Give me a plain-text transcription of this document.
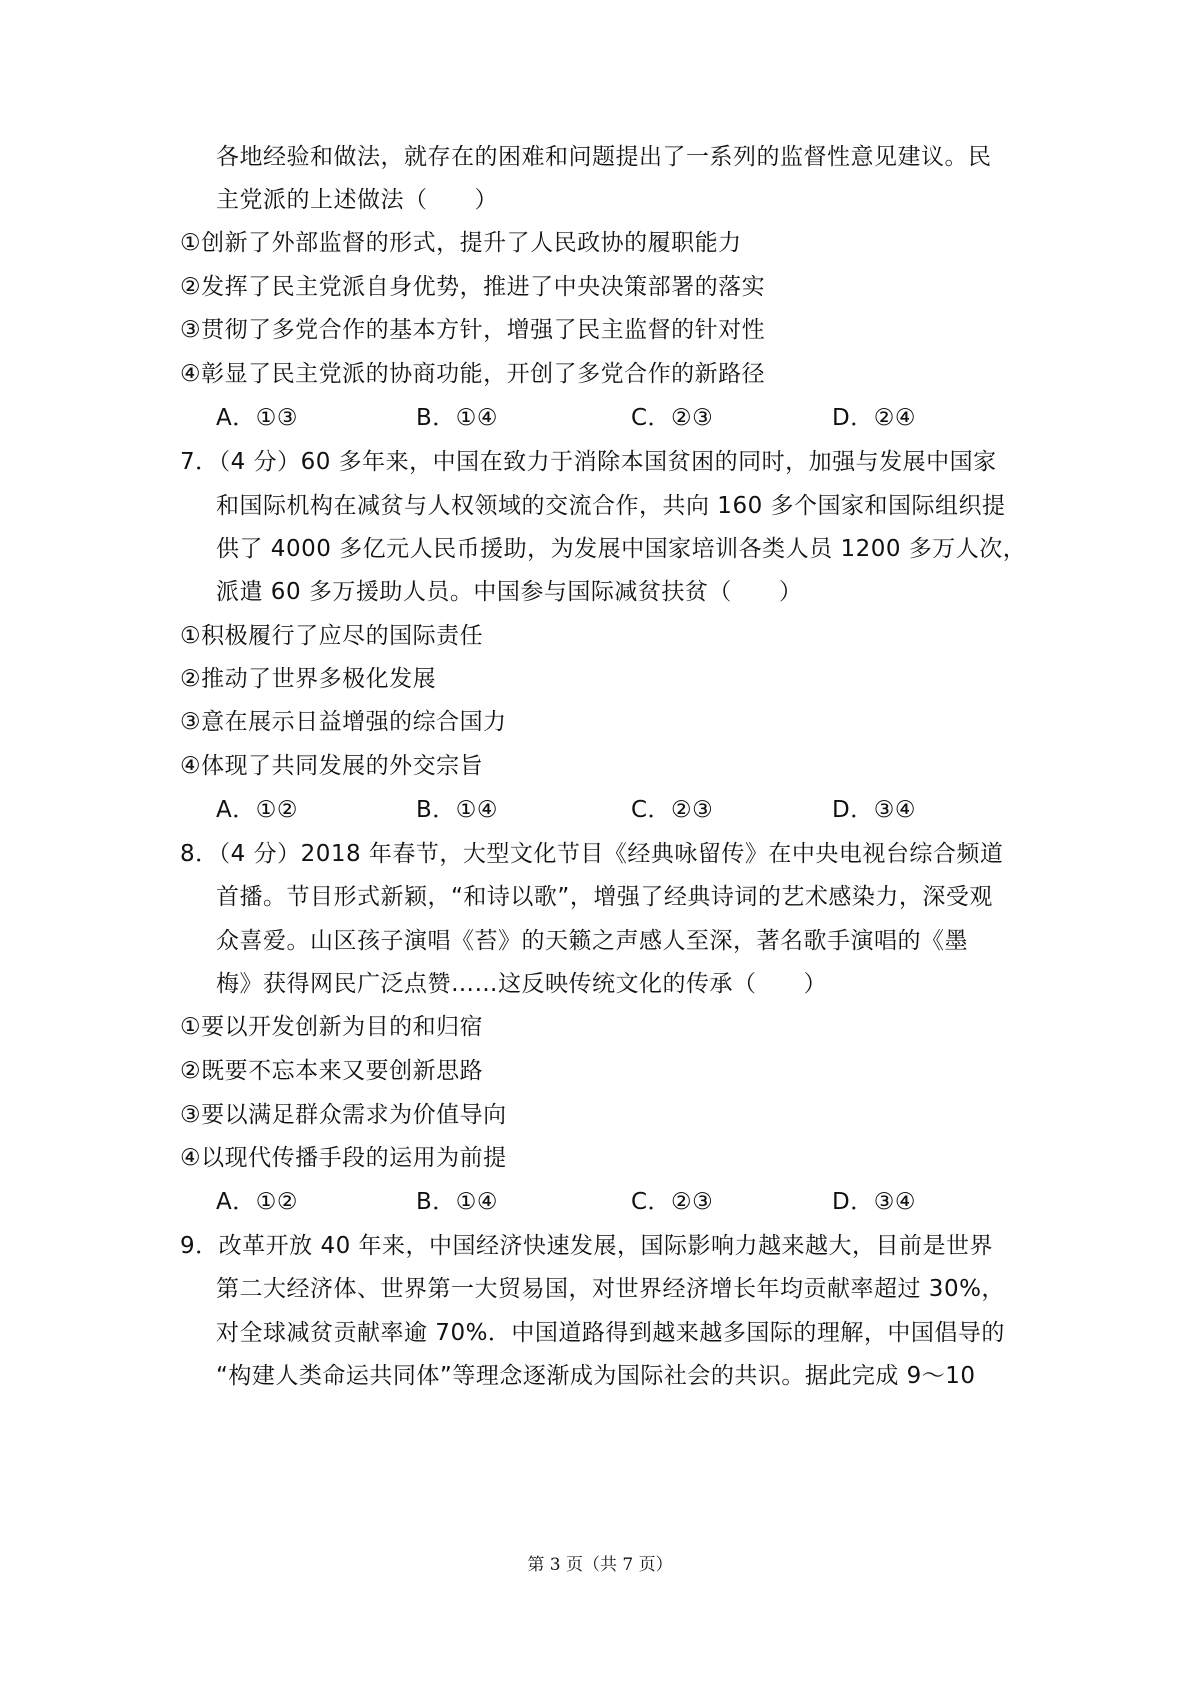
各地经验和做法，就存在的困难和问题提出了一系列的监督性意见建议。民
主党派的上述做法（　　）
①创新了外部监督的形式，提升了人民政协的履职能力
②发挥了民主党派自身优势，推进了中央决策部署的落实
③贯彻了多党合作的基本方针，增强了民主监督的针对性
④彰显了民主党派的协商功能，开创了多党合作的新路径
A．①③	B．①④	C．②③	D．②④
7．（4 分）60 多年来，中国在致力于消除本国贫困的同时，加强与发展中国家
和国际机构在减贫与人权领域的交流合作，共向 160 多个国家和国际组织提
供了 4000 多亿元人民币援助，为发展中国家培训各类人员 1200 多万人次，
派遣 60 多万援助人员。中国参与国际减贫扶贫（　　）
①积极履行了应尽的国际责任
②推动了世界多极化发展
③意在展示日益增强的综合国力
④体现了共同发展的外交宗旨
A．①②	B．①④	C．②③	D．③④
8．（4 分）2018 年春节，大型文化节目《经典咏留传》在中央电视台综合频道
首播。节目形式新颖，“和诗以歌”，增强了经典诗词的艺术感染力，深受观
众喜爱。山区孩子演唱《苔》的天籁之声感人至深，著名歌手演唱的《墨
梅》获得网民广泛点赞……这反映传统文化的传承（　　）
①要以开发创新为目的和归宿
②既要不忘本来又要创新思路
③要以满足群众需求为价值导向
④以现代传播手段的运用为前提
A．①②	B．①④	C．②③	D．③④
9．改革开放 40 年来，中国经济快速发展，国际影响力越来越大，目前是世界
第二大经济体、世界第一大贸易国，对世界经济增长年均贡献率超过 30%，
对全球减贫贡献率逾 70%．中国道路得到越来越多国际的理解，中国倡导的
“构建人类命运共同体”等理念逐渐成为国际社会的共识。据此完成 9～10
第 3 页（共 7 页）
